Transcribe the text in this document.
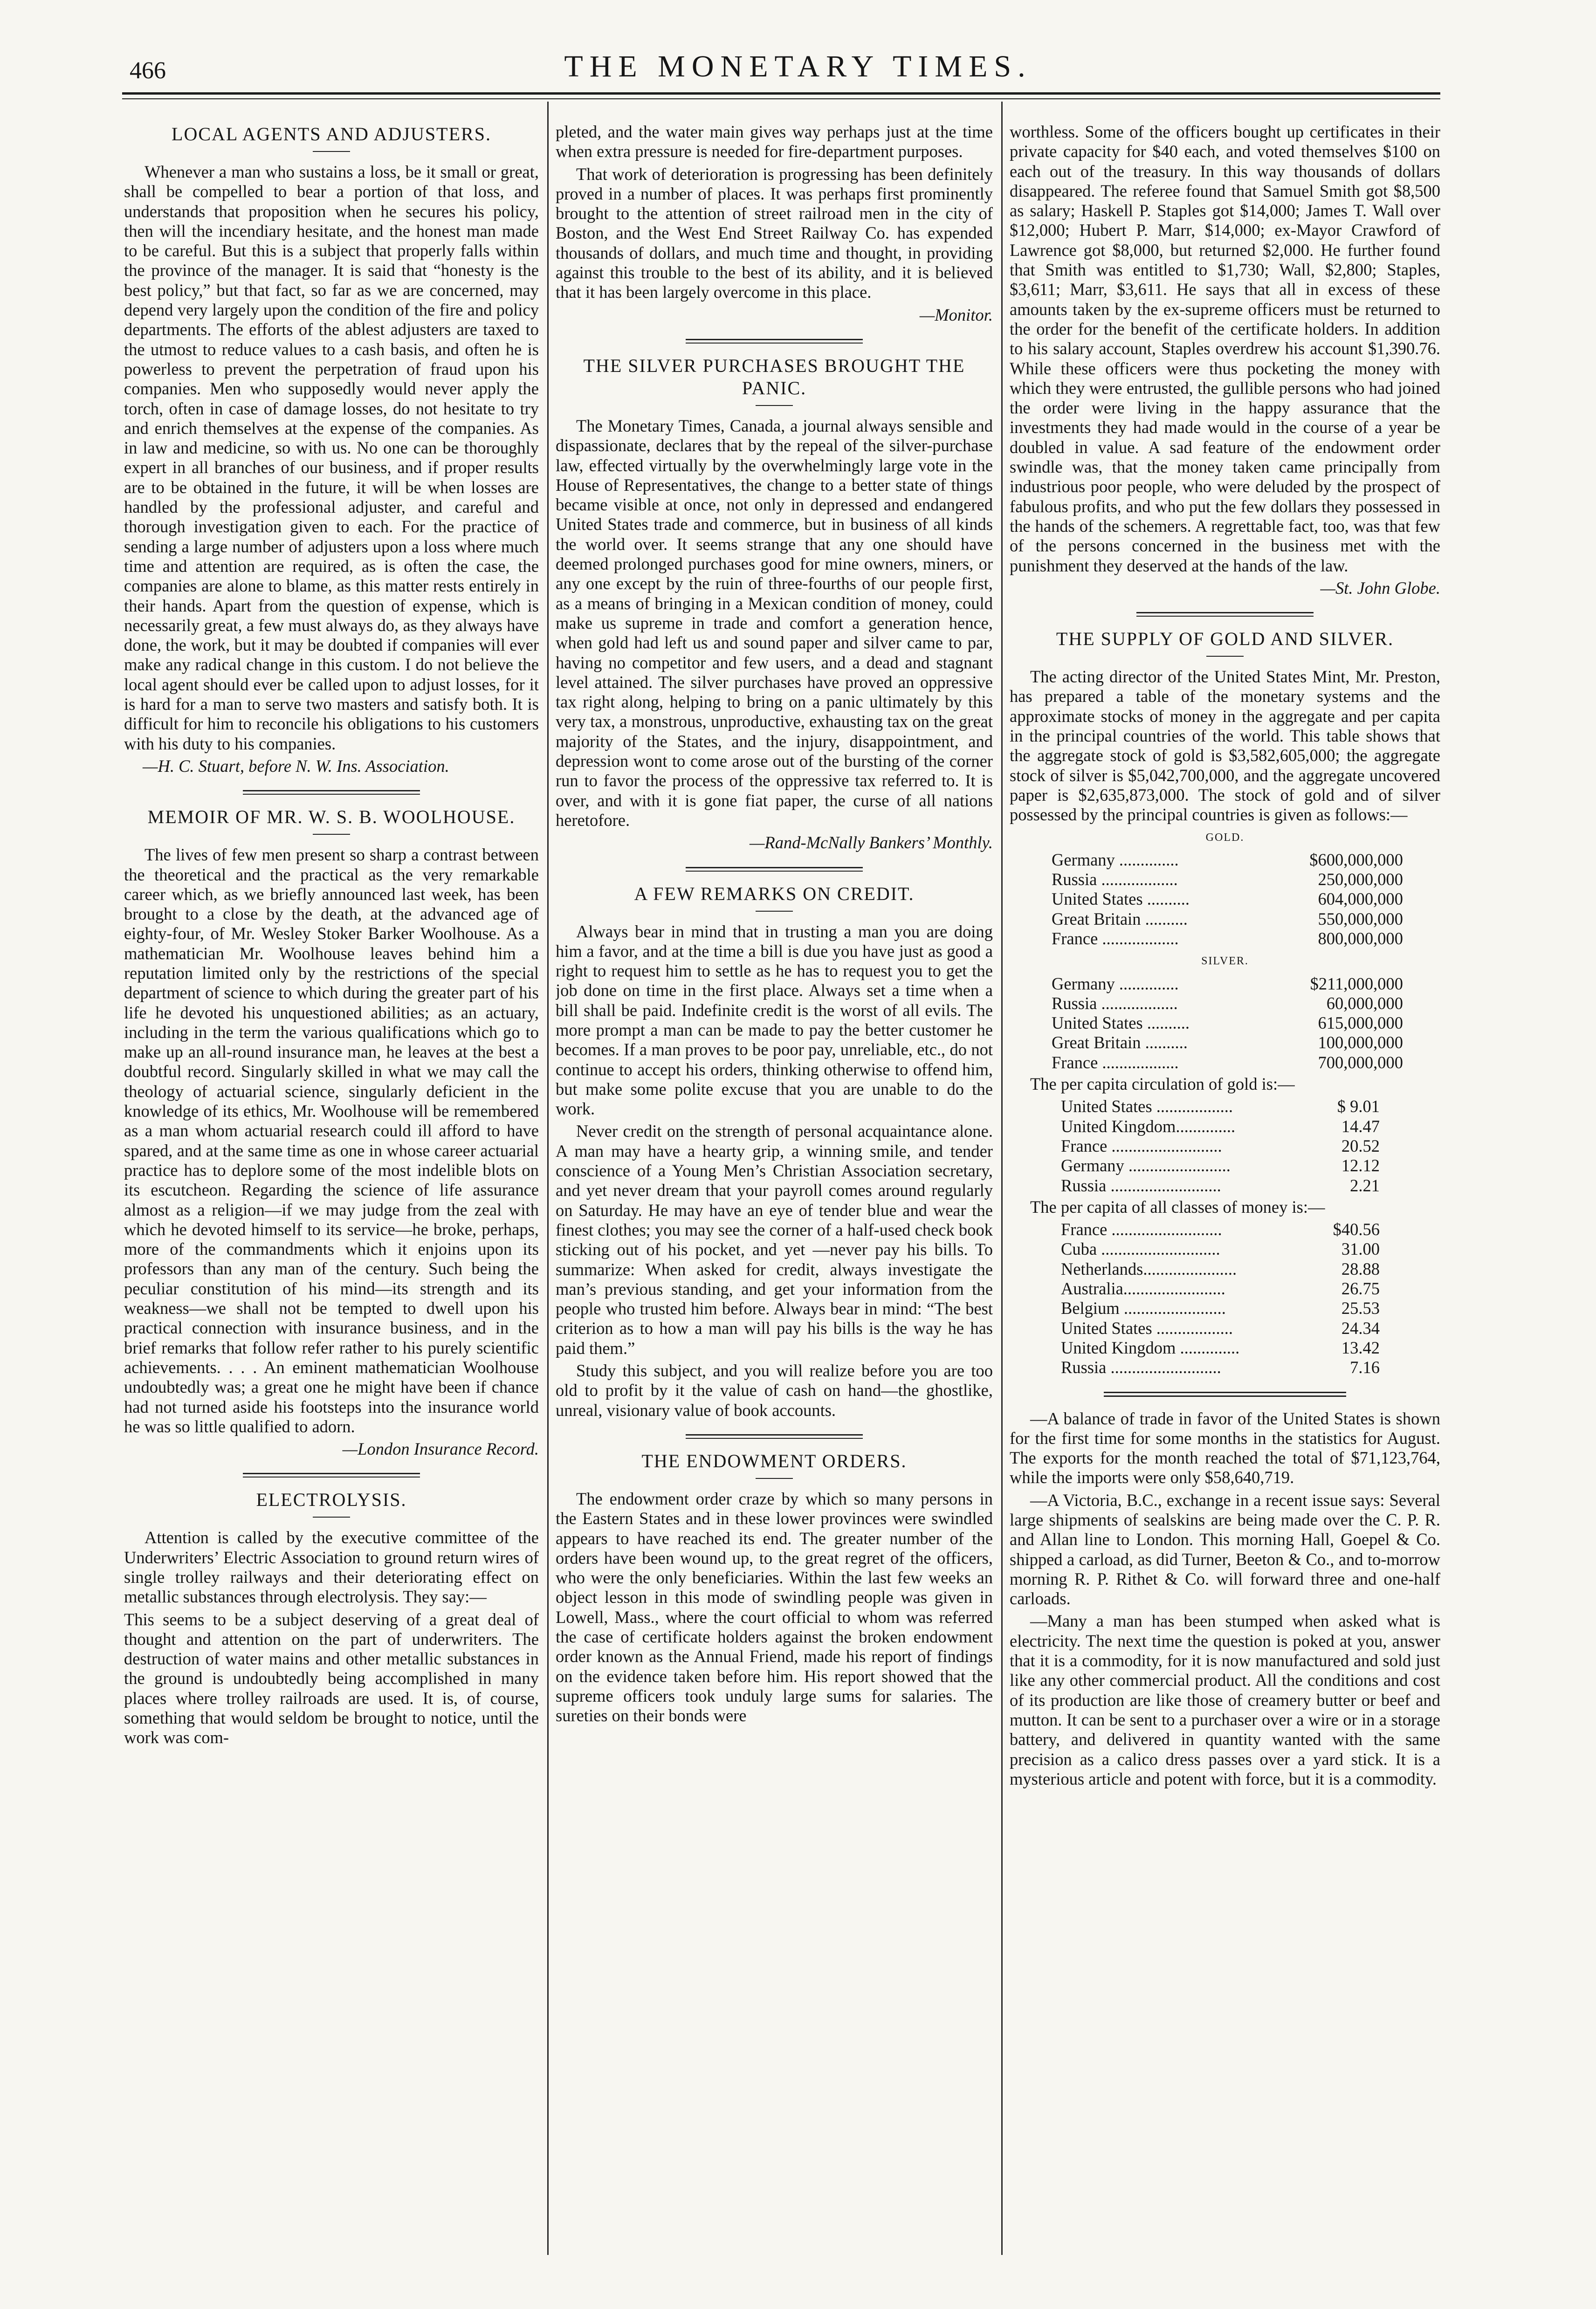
466	THE MONETARY TIMES.
LOCAL AGENTS AND ADJUSTERS.

Whenever a man who sustains a loss, be it small or great, shall be compelled to bear a portion of that loss, and understands that proposition when he secures his policy, then will the incendiary hesitate, and the honest man made to be careful. But this is a subject that properly falls within the province of the manager. It is said that “honesty is the best policy,” but that fact, so far as we are concerned, may depend very largely upon the condition of the fire and policy departments. The efforts of the ablest adjusters are taxed to the utmost to reduce values to a cash basis, and often he is powerless to prevent the perpetration of fraud upon his companies. Men who supposedly would never apply the torch, often in case of damage losses, do not hesitate to try and enrich themselves at the expense of the companies. As in law and medicine, so with us. No one can be thoroughly expert in all branches of our business, and if proper results are to be obtained in the future, it will be when losses are handled by the professional adjuster, and careful and thorough investigation given to each. For the practice of sending a large number of adjusters upon a loss where much time and attention are required, as is often the case, the companies are alone to blame, as this matter rests entirely in their hands. Apart from the question of expense, which is necessarily great, a few must always do, as they always have done, the work, but it may be doubted if companies will ever make any radical change in this custom. I do not believe the local agent should ever be called upon to adjust losses, for it is hard for a man to serve two masters and satisfy both. It is difficult for him to reconcile his obligations to his customers with his duty to his companies.

—H. C. Stuart, before N. W. Ins. Association.

MEMOIR OF MR. W. S. B. WOOLHOUSE.

The lives of few men present so sharp a contrast between the theoretical and the practical as the very remarkable career which, as we briefly announced last week, has been brought to a close by the death, at the advanced age of eighty-four, of Mr. Wesley Stoker Barker Woolhouse. As a mathematician Mr. Woolhouse leaves behind him a reputation limited only by the restrictions of the special department of science to which during the greater part of his life he devoted his unquestioned abilities; as an actuary, including in the term the various qualifications which go to make up an all-round insurance man, he leaves at the best a doubtful record. Singularly skilled in what we may call the theology of actuarial science, singularly deficient in the knowledge of its ethics, Mr. Woolhouse will be remembered as a man whom actuarial research could ill afford to have spared, and at the same time as one in whose career actuarial practice has to deplore some of the most indelible blots on its escutcheon. Regarding the science of life assurance almost as a religion—if we may judge from the zeal with which he devoted himself to its service—he broke, perhaps, more of the commandments which it enjoins upon its professors than any man of the century. Such being the peculiar constitution of his mind—its strength and its weakness—we shall not be tempted to dwell upon his practical connection with insurance business, and in the brief remarks that follow refer rather to his purely scientific achievements. . . . An eminent mathematician Woolhouse undoubtedly was; a great one he might have been if chance had not turned aside his footsteps into the insurance world he was so little qualified to adorn.

—London Insurance Record.

ELECTROLYSIS.

Attention is called by the executive committee of the Underwriters’ Electric Association to ground return wires of single trolley railways and their deteriorating effect on metallic substances through electrolysis. They say:—

This seems to be a subject deserving of a great deal of thought and attention on the part of underwriters. The destruction of water mains and other metallic substances in the ground is undoubtedly being accomplished in many places where trolley railroads are used. It is, of course, something that would seldom be brought to notice, until the work was com-

pleted, and the water main gives way perhaps just at the time when extra pressure is needed for fire-department purposes.

That work of deterioration is progressing has been definitely proved in a number of places. It was perhaps first prominently brought to the attention of street railroad men in the city of Boston, and the West End Street Railway Co. has expended thousands of dollars, and much time and thought, in providing against this trouble to the best of its ability, and it is believed that it has been largely overcome in this place.

—Monitor.

THE SILVER PURCHASES BROUGHT THE PANIC.

The Monetary Times, Canada, a journal always sensible and dispassionate, declares that by the repeal of the silver-purchase law, effected virtually by the overwhelmingly large vote in the House of Representatives, the change to a better state of things became visible at once, not only in depressed and endangered United States trade and commerce, but in business of all kinds the world over. It seems strange that any one should have deemed prolonged purchases good for mine owners, miners, or any one except by the ruin of three-fourths of our people first, as a means of bringing in a Mexican condition of money, could make us supreme in trade and comfort a generation hence, when gold had left us and sound paper and silver came to par, having no competitor and few users, and a dead and stagnant level attained. The silver purchases have proved an oppressive tax right along, helping to bring on a panic ultimately by this very tax, a monstrous, unproductive, exhausting tax on the great majority of the States, and the injury, disappointment, and depression wont to come arose out of the bursting of the corner run to favor the process of the oppressive tax referred to. It is over, and with it is gone fiat paper, the curse of all nations heretofore.

—Rand-McNally Bankers’ Monthly.

A FEW REMARKS ON CREDIT.

Always bear in mind that in trusting a man you are doing him a favor, and at the time a bill is due you have just as good a right to request him to settle as he has to request you to get the job done on time in the first place. Always set a time when a bill shall be paid. Indefinite credit is the worst of all evils. The more prompt a man can be made to pay the better customer he becomes. If a man proves to be poor pay, unreliable, etc., do not continue to accept his orders, thinking otherwise to offend him, but make some polite excuse that you are unable to do the work.

Never credit on the strength of personal acquaintance alone. A man may have a hearty grip, a winning smile, and tender conscience of a Young Men’s Christian Association secretary, and yet never dream that your payroll comes around regularly on Saturday. He may have an eye of tender blue and wear the finest clothes; you may see the corner of a half-used check book sticking out of his pocket, and yet —never pay his bills. To summarize: When asked for credit, always investigate the man’s previous standing, and get your information from the people who trusted him before. Always bear in mind: “The best criterion as to how a man will pay his bills is the way he has paid them.”

Study this subject, and you will realize before you are too old to profit by it the value of cash on hand—the ghostlike, unreal, visionary value of book accounts.

THE ENDOWMENT ORDERS.

The endowment order craze by which so many persons in the Eastern States and in these lower provinces were swindled appears to have reached its end. The greater number of the orders have been wound up, to the great regret of the officers, who were the only beneficiaries. Within the last few weeks an object lesson in this mode of swindling people was given in Lowell, Mass., where the court official to whom was referred the case of certificate holders against the broken endowment order known as the Annual Friend, made his report of findings on the evidence taken before him. His report showed that the supreme officers took unduly large sums for salaries. The sureties on their bonds were

worthless. Some of the officers bought up certificates in their private capacity for $40 each, and voted themselves $100 on each out of the treasury. In this way thousands of dollars disappeared. The referee found that Samuel Smith got $8,500 as salary; Haskell P. Staples got $14,000; James T. Wall over $12,000; Hubert P. Marr, $14,000; ex-Mayor Crawford of Lawrence got $8,000, but returned $2,000. He further found that Smith was entitled to $1,730; Wall, $2,800; Staples, $3,611; Marr, $3,611. He says that all in excess of these amounts taken by the ex-supreme officers must be returned to the order for the benefit of the certificate holders. In addition to his salary account, Staples overdrew his account $1,390.76. While these officers were thus pocketing the money with which they were entrusted, the gullible persons who had joined the order were living in the happy assurance that the investments they had made would in the course of a year be doubled in value. A sad feature of the endowment order swindle was, that the money taken came principally from industrious poor people, who were deluded by the prospect of fabulous profits, and who put the few dollars they possessed in the hands of the schemers. A regrettable fact, too, was that few of the persons concerned in the business met with the punishment they deserved at the hands of the law.

—St. John Globe.

THE SUPPLY OF GOLD AND SILVER.

The acting director of the United States Mint, Mr. Preston, has prepared a table of the monetary systems and the approximate stocks of money in the aggregate and per capita in the principal countries of the world. This table shows that the aggregate stock of gold is $3,582,605,000; the aggregate stock of silver is $5,042,700,000, and the aggregate uncovered paper is $2,635,873,000. The stock of gold and of silver possessed by the principal countries is given as follows:—

GOLD.
Germany ..............	$600,000,000
Russia ..................	250,000,000
United States ..........	604,000,000
Great Britain ..........	550,000,000
France ..................	800,000,000
SILVER.
Germany ..............	$211,000,000
Russia ..................	60,000,000
United States ..........	615,000,000
Great Britain ..........	100,000,000
France ..................	700,000,000

The per capita circulation of gold is:—

United States ..................	$ 9.01
United Kingdom..............	14.47
France ..........................	20.52
Germany ........................	12.12
Russia ..........................	2.21

The per capita of all classes of money is:—

France ..........................	$40.56
Cuba ............................	31.00
Netherlands......................	28.88
Australia........................	26.75
Belgium ........................	25.53
United States ..................	24.34
United Kingdom ..............	13.42
Russia ..........................	7.16

—A balance of trade in favor of the United States is shown for the first time for some months in the statistics for August. The exports for the month reached the total of $71,123,764, while the imports were only $58,640,719.

—A Victoria, B.C., exchange in a recent issue says: Several large shipments of sealskins are being made over the C. P. R. and Allan line to London. This morning Hall, Goepel & Co. shipped a carload, as did Turner, Beeton & Co., and to-morrow morning R. P. Rithet & Co. will forward three and one-half carloads.

—Many a man has been stumped when asked what is electricity. The next time the question is poked at you, answer that it is a commodity, for it is now manufactured and sold just like any other commercial product. All the conditions and cost of its production are like those of creamery butter or beef and mutton. It can be sent to a purchaser over a wire or in a storage battery, and delivered in quantity wanted with the same precision as a calico dress passes over a yard stick. It is a mysterious article and potent with force, but it is a commodity.
